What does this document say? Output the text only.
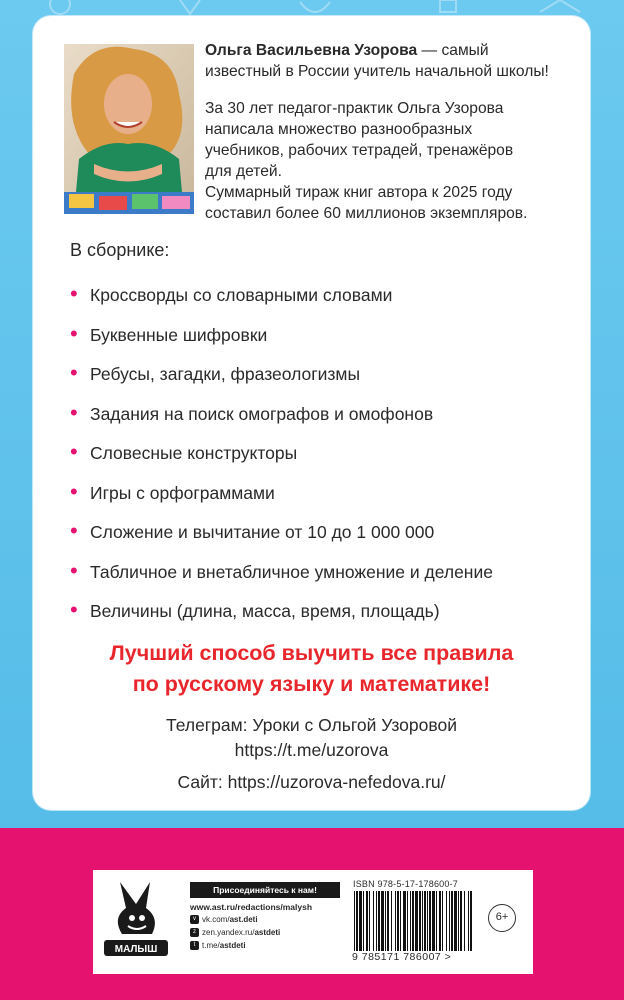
Ольга Васильевна Узорова — самый
известный в России учитель начальной школы!

За 30 лет педагог-практик Ольга Узорова

написала множество разнообразных

учебников, рабочих тетрадей, тренажёров

для детей.

Суммарный тираж книг автора к 2025 году

составил более 60 миллионов экземпляров.

В сборнике:
• Кроссворды со словарными словами
• Буквенные шифровки
• Ребусы, загадки, фразеологизмы
• Задания на поиск омографов и омофонов
• Словесные конструкторы
• Игры с орфограммами
• Сложение и вычитание от 10 до 1 000 000
• Табличное и внетабличное умножение и деление
• Величины (длина, масса, время, площадь)
Лучший способ выучить все правила
по русскому языку и математике!
Телеграм: Уроки с Ольгой Узоровой
https://t.me/uzorova
Сайт: https://uzorova-nefedova.ru/
МАЛЫШ
Присоединяйтесь к нам!
www.ast.ru/redactions/malysh
v vk.com/ ast.deti
z zen.yandex.ru/ astdeti
t t.me/ astdeti
ISBN 978-5-17-178600-7
9 785171 786007 >
6+
